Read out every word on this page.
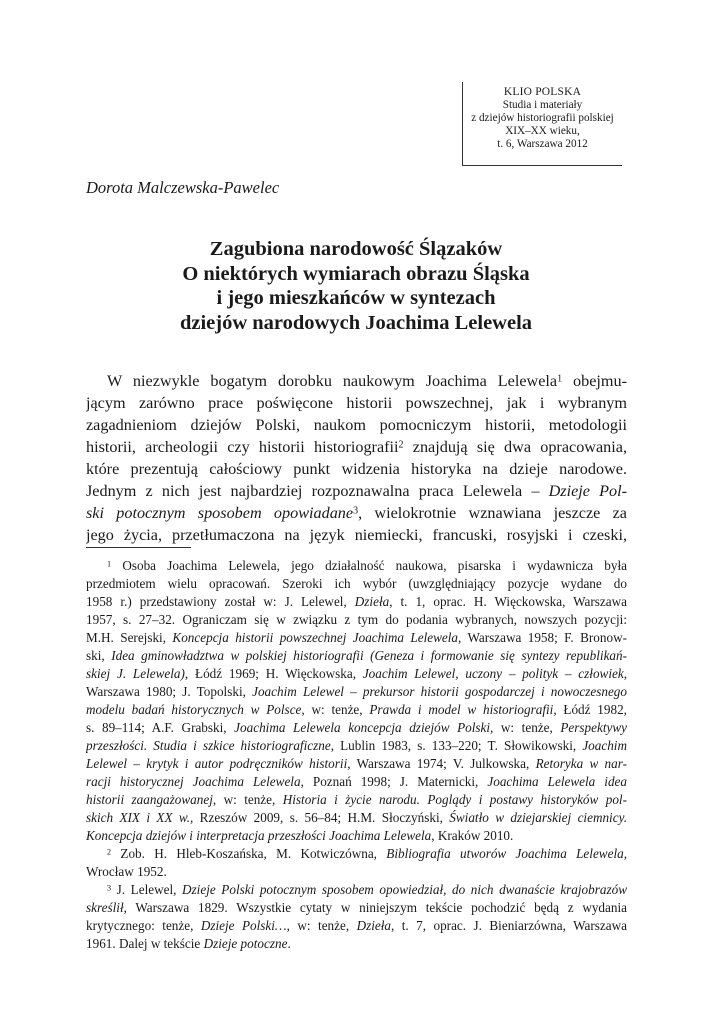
KLIO POLSKA
Studia i materiały
z dziejów historiografii polskiej
XIX–XX wieku,
t. 6, Warszawa 2012
Dorota Malczewska-Pawelec
Zagubiona narodowość Ślązaków
O niektórych wymiarach obrazu Śląska
i jego mieszkańców w syntezach
dziejów narodowych Joachima Lelewela
W niezwykle bogatym dorobku naukowym Joachima Lelewela$^1$ obejmu-
jącym zarówno prace poświęcone historii powszechnej, jak i wybranym
zagadnieniom dziejów Polski, naukom pomocniczym historii, metodologii
historii, archeologii czy historii historiografii$^2$ znajdują się dwa opracowania,
które prezentują całościowy punkt widzenia historyka na dzieje narodowe.
Jednym z nich jest najbardziej rozpoznawalna praca Lelewela – Dzieje Pol-
ski potocznym sposobem opowiadane$^3$, wielokrotnie wznawiana jeszcze za
jego życia, przetłumaczona na język niemiecki, francuski, rosyjski i czeski,
$^1$ Osoba Joachima Lelewela, jego działalność naukowa, pisarska i wydawnicza była
przedmiotem wielu opracowań. Szeroki ich wybór (uwzględniający pozycje wydane do
1958 r.) przedstawiony został w: J. Lelewel, Dzieła, t. 1, oprac. H. Więckowska, Warszawa
1957, s. 27–32. Ograniczam się w związku z tym do podania wybranych, nowszych pozycji:
M.H. Serejski, Koncepcja historii powszechnej Joachima Lelewela, Warszawa 1958; F. Bronow-
ski, Idea gminowładztwa w polskiej historiografii (Geneza i formowanie się syntezy republikań-
skiej J. Lelewela), Łódź 1969; H. Więckowska, Joachim Lelewel, uczony – polityk – człowiek,
Warszawa 1980; J. Topolski, Joachim Lelewel – prekursor historii gospodarczej i nowoczesnego
modelu badań historycznych w Polsce, w: tenże, Prawda i model w historiografii, Łódź 1982,
s. 89–114; A.F. Grabski, Joachima Lelewela koncepcja dziejów Polski, w: tenże, Perspektywy
przeszłości. Studia i szkice historiograficzne, Lublin 1983, s. 133–220; T. Słowikowski, Joachim
Lelewel – krytyk i autor podręczników historii, Warszawa 1974; V. Julkowska, Retoryka w nar-
racji historycznej Joachima Lelewela, Poznań 1998; J. Maternicki, Joachima Lelewela idea
historii zaangażowanej, w: tenże, Historia i życie narodu. Poglądy i postawy historyków pol-
skich XIX i XX w., Rzeszów 2009, s. 56–84; H.M. Słoczyński, Światło w dziejarskiej ciemnicy.
Koncepcja dziejów i interpretacja przeszłości Joachima Lelewela, Kraków 2010.
$^2$ Zob. H. Hleb-Koszańska, M. Kotwiczówna, Bibliografia utworów Joachima Lelewela,
Wrocław 1952.
$^3$ J. Lelewel, Dzieje Polski potocznym sposobem opowiedział, do nich dwanaście krajobrazów
skreślił, Warszawa 1829. Wszystkie cytaty w niniejszym tekście pochodzić będą z wydania
krytycznego: tenże, Dzieje Polski…, w: tenże, Dzieła, t. 7, oprac. J. Bieniarzówna, Warszawa
1961. Dalej w tekście Dzieje potoczne.
